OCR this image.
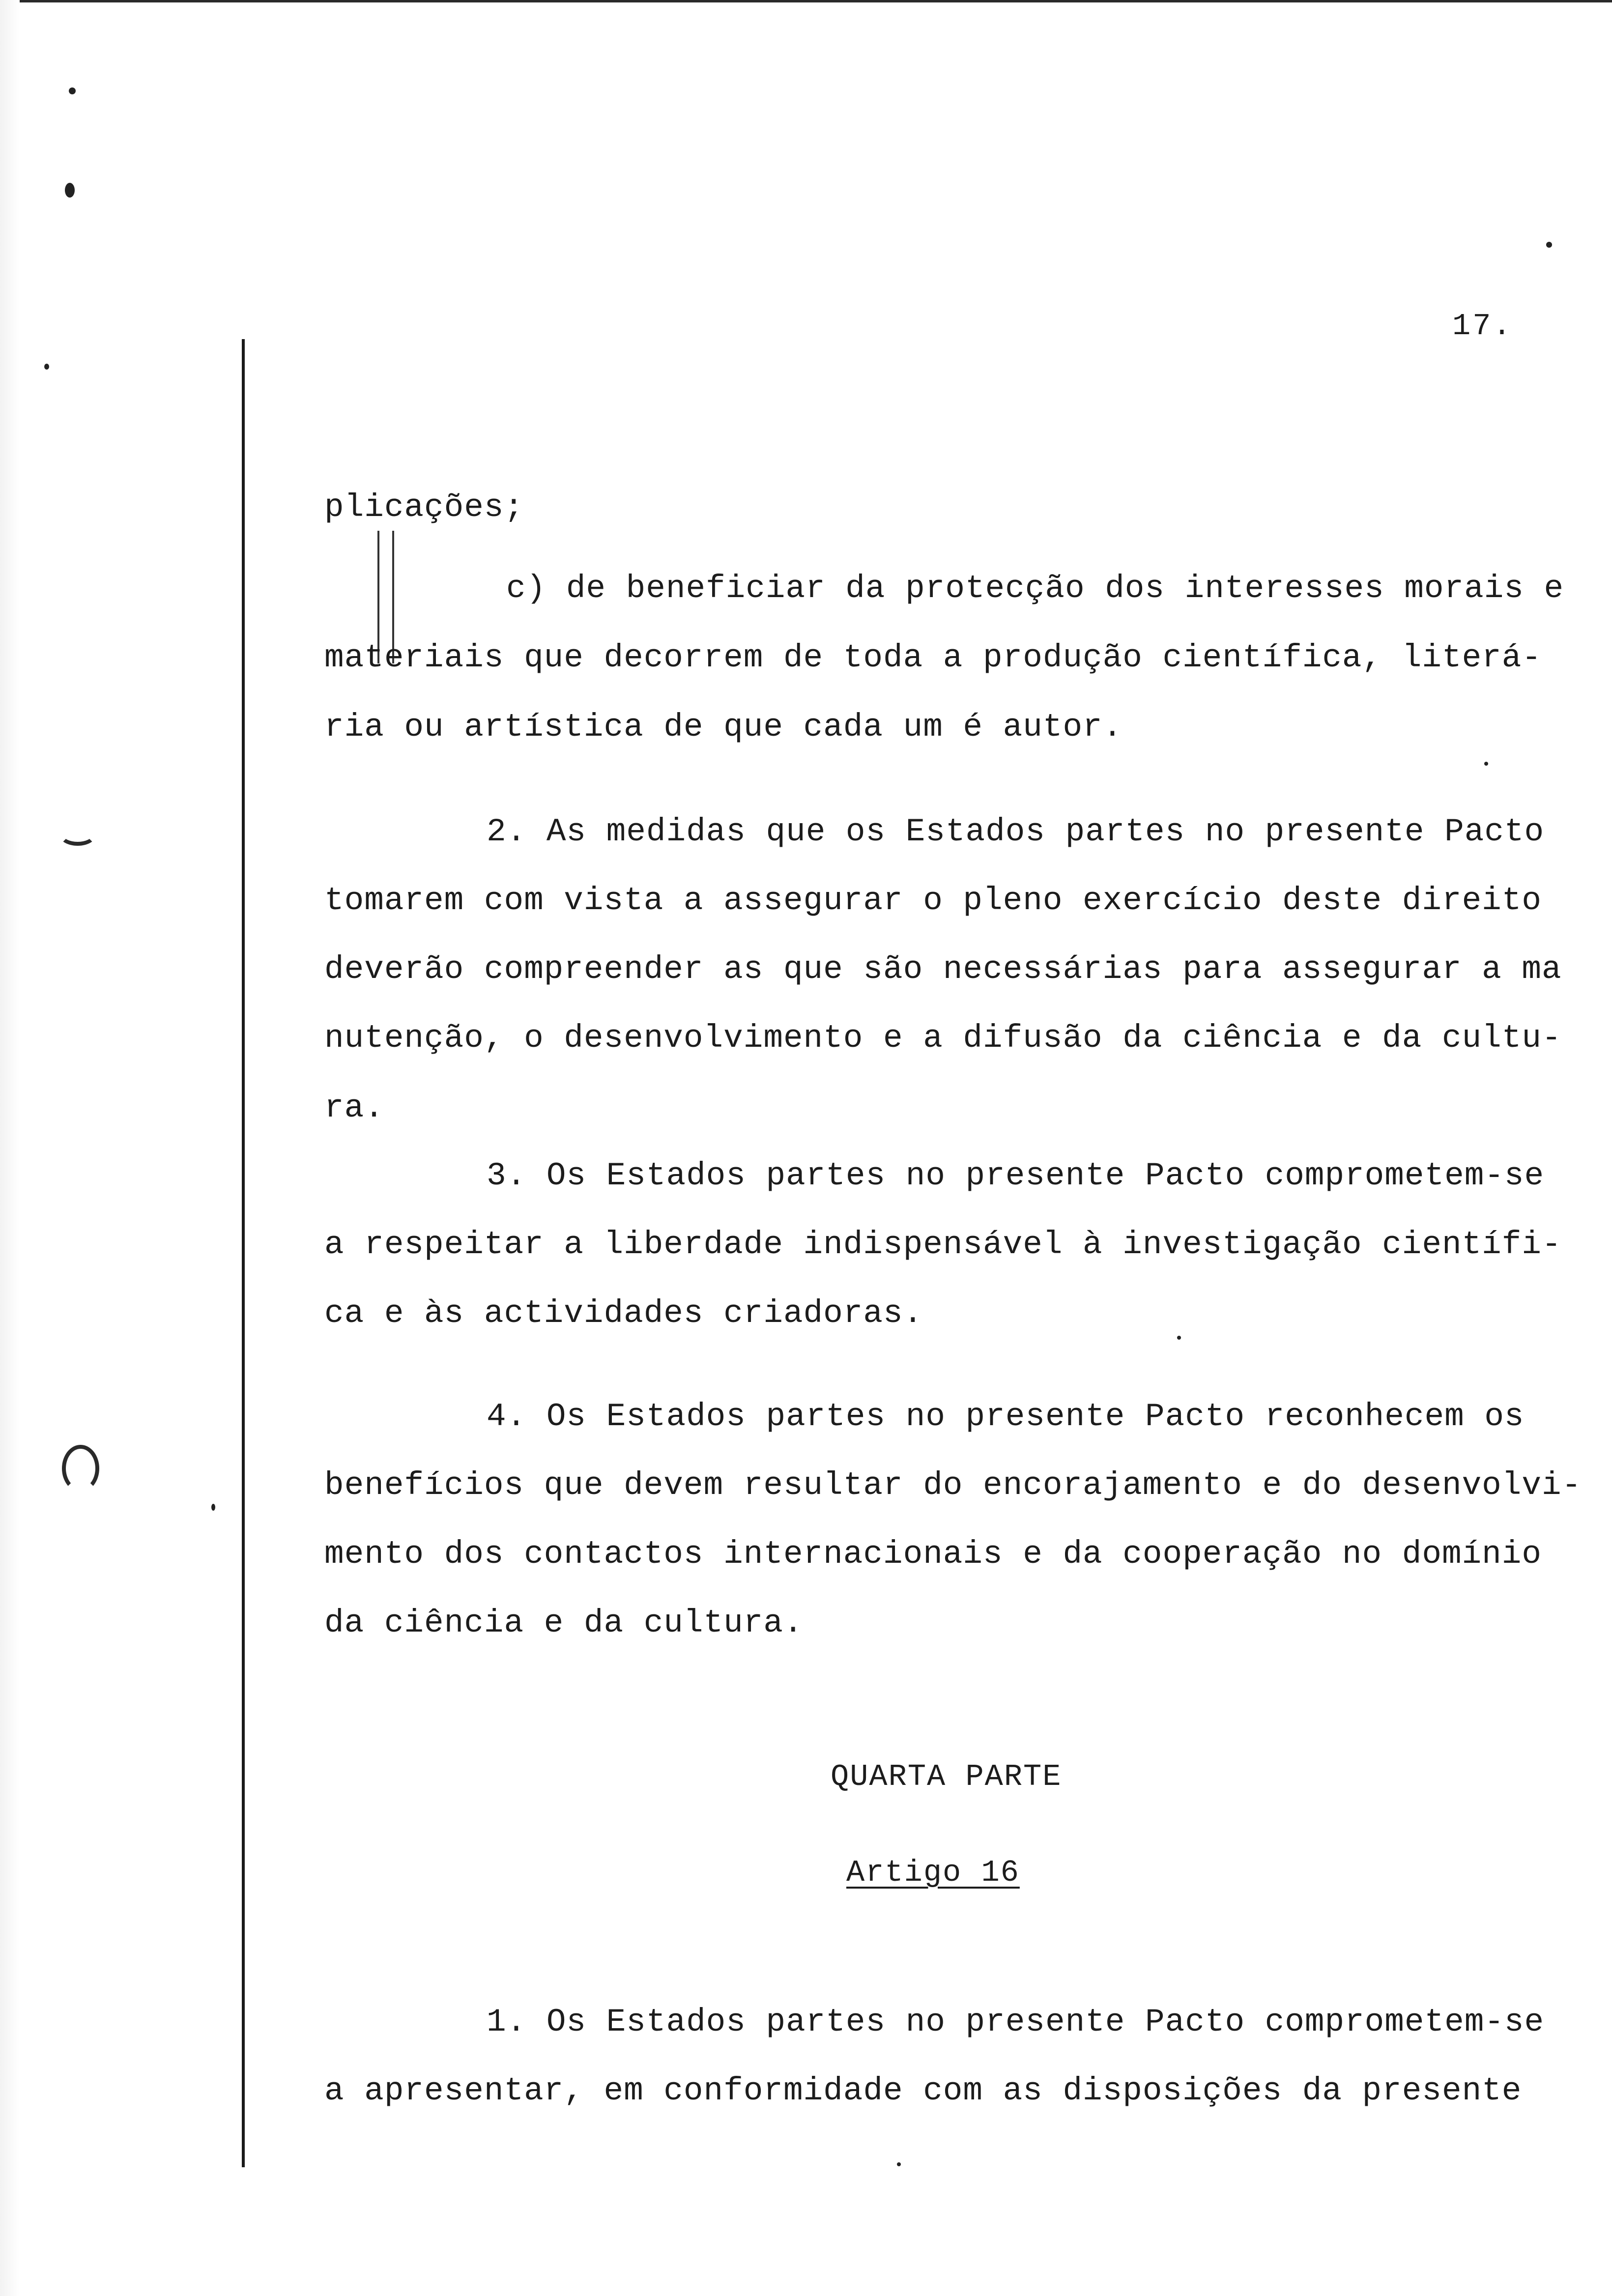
17.
plicações;
c) de beneficiar da protecção dos interesses morais e
materiais que decorrem de toda a produção científica, literá-
ria ou artística de que cada um é autor.
2. As medidas que os Estados partes no presente Pacto
tomarem com vista a assegurar o pleno exercício deste direito
deverão compreender as que são necessárias para assegurar a ma
nutenção, o desenvolvimento e a difusão da ciência e da cultu-
ra.
3. Os Estados partes no presente Pacto comprometem-se
a respeitar a liberdade indispensável à investigação científi-
ca e às actividades criadoras.
4. Os Estados partes no presente Pacto reconhecem os
benefícios que devem resultar do encorajamento e do desenvolvi-
mento dos contactos internacionais e da cooperação no domínio
da ciência e da cultura.
QUARTA PARTE
Artigo 16
1. Os Estados partes no presente Pacto comprometem-se
a apresentar, em conformidade com as disposições da presente
